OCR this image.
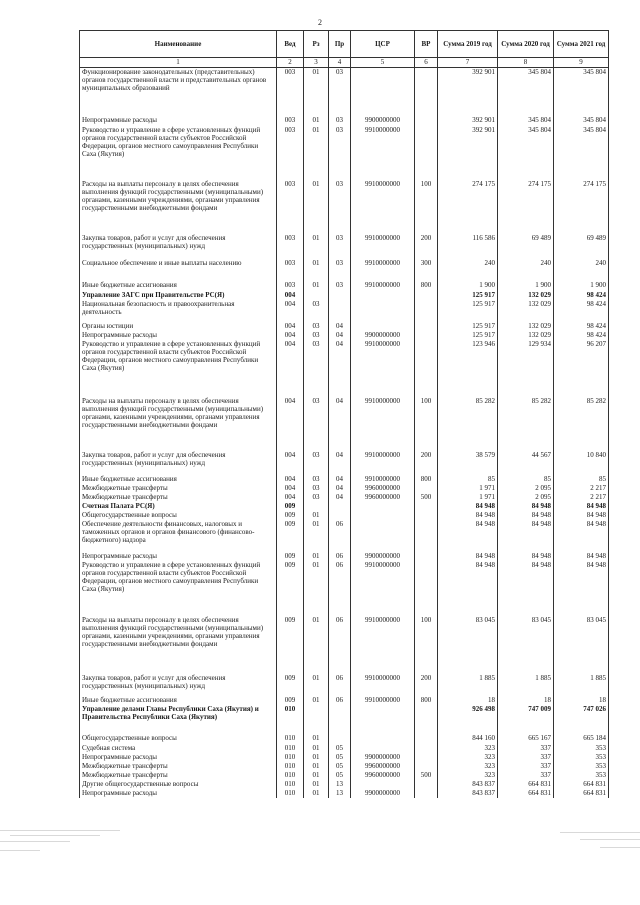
2
Наименование	Вед	Рз	Пр	ЦСР	ВР	Сумма 2019 год	Сумма 2020 год	Сумма 2021 год
1	2	3	4	5	6	7	8	9
Функционирование законодательных (представительных) органов государственной власти и представительных органов муниципальных образований	003	01	03			392 901	345 804	345 804
Непрограммные расходы	003	01	03	9900000000		392 901	345 804	345 804
Руководство и управление в сфере установленных функций органов государственной власти субъектов Российской Федерации, органов местного самоуправления Республики Саха (Якутия)	003	01	03	9910000000		392 901	345 804	345 804
Расходы на выплаты персоналу в целях обеспечения выполнения функций государственными (муниципальными) органами, казенными учреждениями, органами управления государственными внебюджетными фондами	003	01	03	9910000000	100	274 175	274 175	274 175
Закупка товаров, работ и услуг для обеспечения государственных (муниципальных) нужд	003	01	03	9910000000	200	116 586	69 489	69 489
Социальное обеспечение и иные выплаты населению	003	01	03	9910000000	300	240	240	240
Иные бюджетные ассигнования	003	01	03	9910000000	800	1 900	1 900	1 900
Управление ЗАГС при Правительстве РС(Я)	004					125 917	132 029	98 424
Национальная безопасность и правоохранительная деятельность	004	03				125 917	132 029	98 424
Органы юстиции	004	03	04			125 917	132 029	98 424
Непрограммные расходы	004	03	04	9900000000		125 917	132 029	98 424
Руководство и управление в сфере установленных функций органов государственной власти субъектов Российской Федерации, органов местного самоуправления Республики Саха (Якутия)	004	03	04	9910000000		123 946	129 934	96 207
Расходы на выплаты персоналу в целях обеспечения выполнения функций государственными (муниципальными) органами, казенными учреждениями, органами управления государственными внебюджетными фондами	004	03	04	9910000000	100	85 282	85 282	85 282
Закупка товаров, работ и услуг для обеспечения государственных (муниципальных) нужд	004	03	04	9910000000	200	38 579	44 567	10 840
Иные бюджетные ассигнования	004	03	04	9910000000	800	85	85	85
Межбюджетные трансферты	004	03	04	9960000000		1 971	2 095	2 217
Межбюджетные трансферты	004	03	04	9960000000	500	1 971	2 095	2 217
Счетная Палата РС(Я)	009					84 948	84 948	84 948
Общегосударственные вопросы	009	01				84 948	84 948	84 948
Обеспечение деятельности финансовых, налоговых и таможенных органов и органов финансового (финансово-бюджетного) надзора	009	01	06			84 948	84 948	84 948
Непрограммные расходы	009	01	06	9900000000		84 948	84 948	84 948
Руководство и управление в сфере установленных функций органов государственной власти субъектов Российской Федерации, органов местного самоуправления Республики Саха (Якутия)	009	01	06	9910000000		84 948	84 948	84 948
Расходы на выплаты персоналу в целях обеспечения выполнения функций государственными (муниципальными) органами, казенными учреждениями, органами управления государственными внебюджетными фондами	009	01	06	9910000000	100	83 045	83 045	83 045
Закупка товаров, работ и услуг для обеспечения государственных (муниципальных) нужд	009	01	06	9910000000	200	1 885	1 885	1 885
Иные бюджетные ассигнования	009	01	06	9910000000	800	18	18	18
Управление делами Главы Республики Саха (Якутия) и Правительства Республики Саха (Якутия)	010					926 498	747 009	747 026
Общегосударственные вопросы	010	01				844 160	665 167	665 184
Судебная система	010	01	05			323	337	353
Непрограммные расходы	010	01	05	9900000000		323	337	353
Межбюджетные трансферты	010	01	05	9960000000		323	337	353
Межбюджетные трансферты	010	01	05	9960000000	500	323	337	353
Другие общегосударственные вопросы	010	01	13			843 837	664 831	664 831
Непрограммные расходы	010	01	13	9900000000		843 837	664 831	664 831
